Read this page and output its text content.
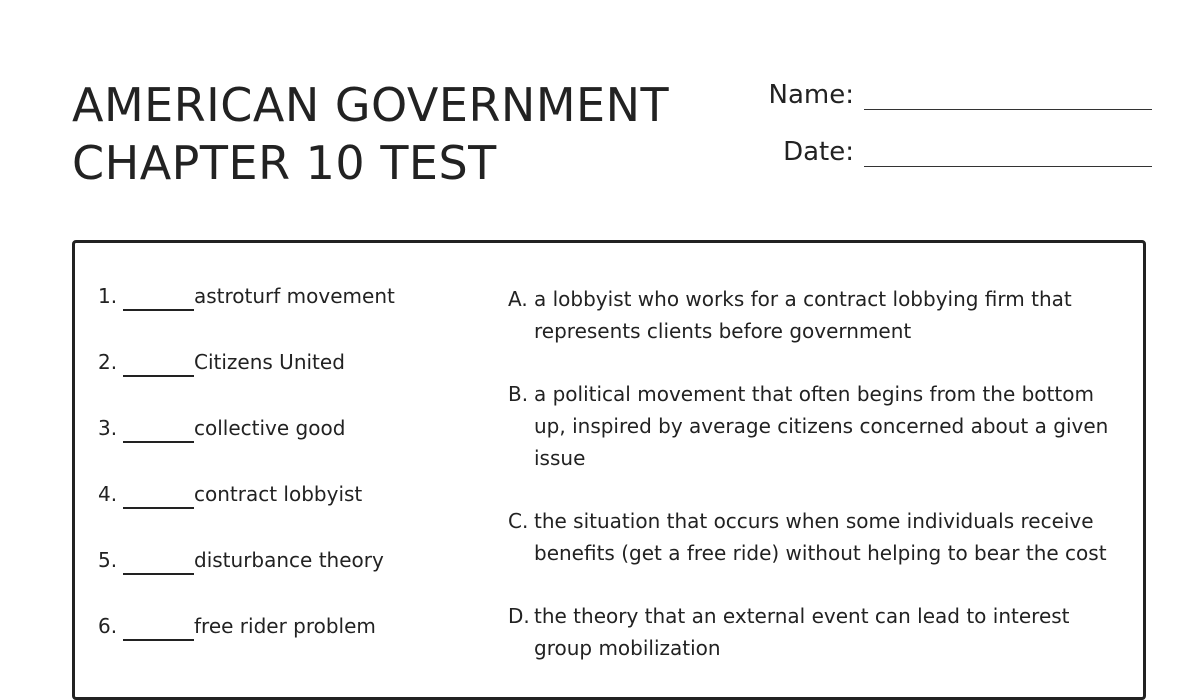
AMERICAN GOVERNMENT
CHAPTER 10 TEST
Name:
Date:
1.	astroturf movement
2.	Citizens United
3.	collective good
4.	contract lobbyist
5.	disturbance theory
6.	free rider problem
A. a lobbyist who works for a contract lobbying firm that represents clients before government
B. a political movement that often begins from the bottom up, inspired by average citizens concerned about a given issue
C. the situation that occurs when some individuals receive benefits (get a free ride) without helping to bear the cost
D. the theory that an external event can lead to interest group mobilization
